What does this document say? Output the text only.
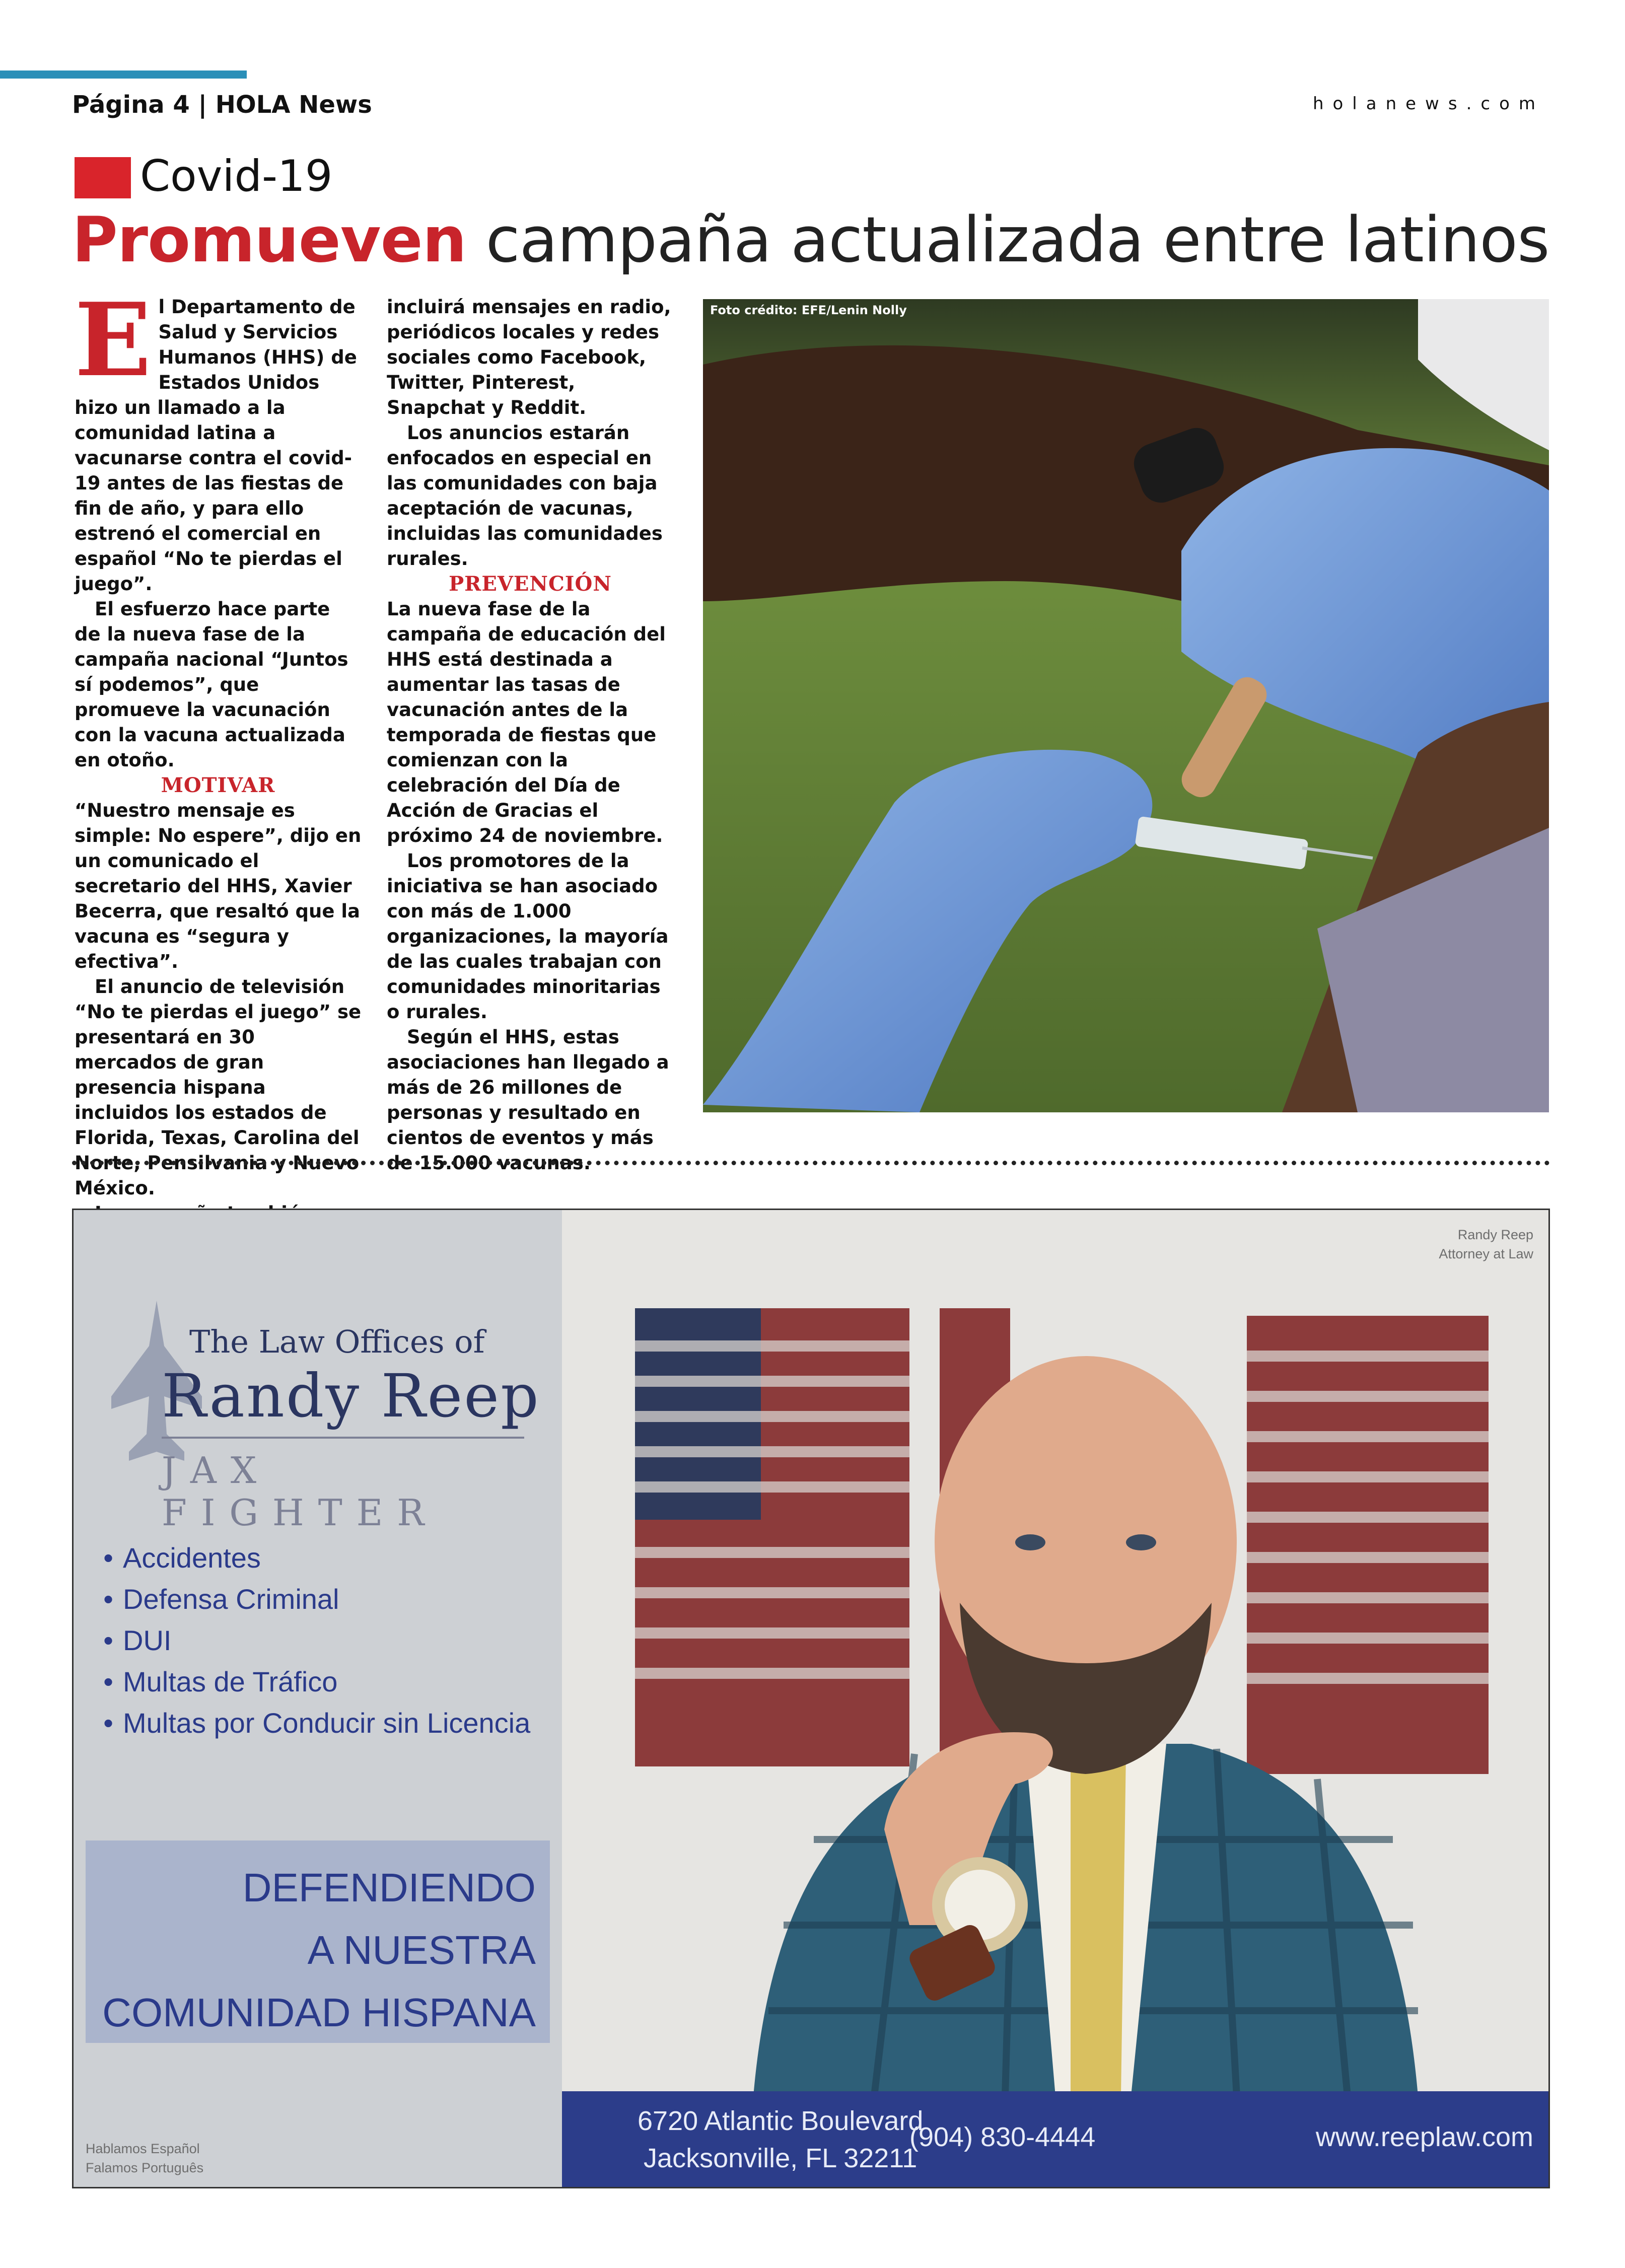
Página 4 | HOLA News	holanews.com
Covid-19
Promueven campaña actualizada entre latinos

El Departamento de Salud y Servicios Humanos (HHS) de Estados Unidos hizo un llamado a la comunidad latina a vacunarse contra el covid-19 antes de las fiestas de fin de año, y para ello estrenó el comercial en español “No te pierdas el juego”.

El esfuerzo hace parte de la nueva fase de la campaña nacional “Juntos sí podemos”, que promueve la vacunación con la vacuna actualizada en otoño.

MOTIVAR

“Nuestro mensaje es simple: No espere”, dijo en un comunicado el secretario del HHS, Xavier Becerra, que resaltó que la vacuna es “segura y efectiva”.

El anuncio de televisión “No te pierdas el juego” se presentará en 30 mercados de gran presencia hispana incluidos los estados de Florida, Texas, Carolina del Norte, Pensilvania y Nuevo México.

incluirá mensajes en radio, periódicos locales y redes sociales como Facebook, Twitter, Pinterest, Snapchat y Reddit.

Los anuncios estarán enfocados en especial en las comunidades con baja aceptación de vacunas, incluidas las comunidades rurales.

PREVENCIÓN

La nueva fase de la campaña de educación del HHS está destinada a aumentar las tasas de vacunación antes de la temporada de fiestas que comienzan con la celebración del Día de Acción de Gracias el próximo 24 de noviembre.

Los promotores de la iniciativa se han asociado con más de 1.000 organizaciones, la mayoría de las cuales trabajan con comunidades minoritarias o rurales.

Según el HHS, estas asociaciones han llegado a más de 26 millones de personas y resultado en cientos de eventos y más de 15.000 vacunas.

Foto crédito: EFE/Lenin Nolly
The Law Offices of
Randy Reep
JAX FIGHTER
• Accidentes
• Defensa Criminal
• DUI
• Multas de Tráfico
• Multas por Conducir sin Licencia
DEFENDIENDO
A NUESTRA
COMUNIDAD HISPANA
Hablamos Español
Falamos Português
Randy Reep
Attorney at Law
6720 Atlantic Boulevard
Jacksonville, FL 32211
(904) 830-4444	www.reeplaw.com
